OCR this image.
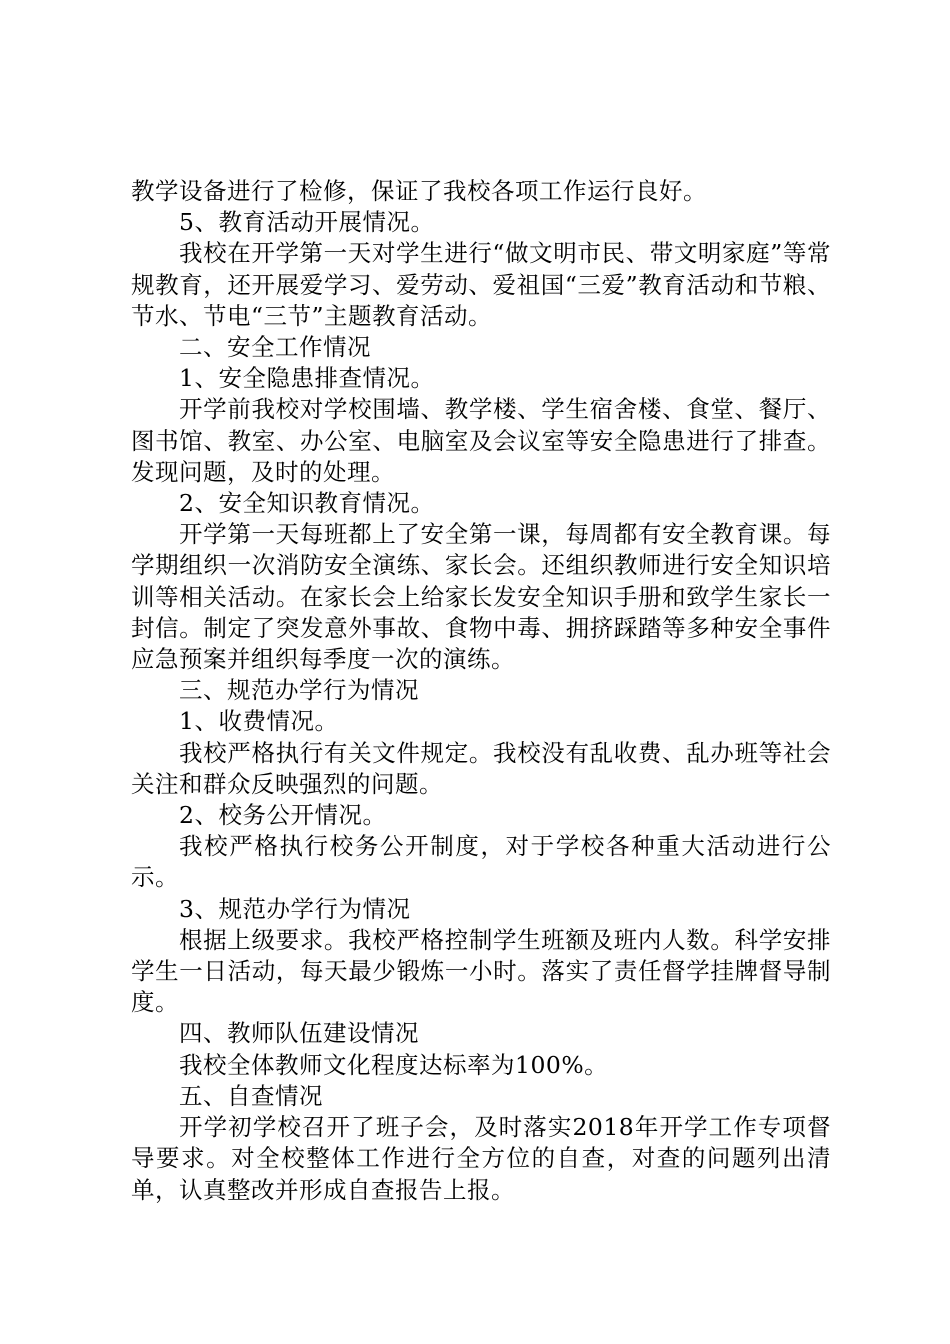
教学设备进行了检修，保证了我校各项工作运行良好。

5、教育活动开展情况。

我校在开学第一天对学生进行“做文明市民、带文明家庭”等常规教育，还开展爱学习、爱劳动、爱祖国“三爱”教育活动和节粮、节水、节电“三节”主题教育活动。

二、安全工作情况

1、安全隐患排查情况。

开学前我校对学校围墙、教学楼、学生宿舍楼、食堂、餐厅、图书馆、教室、办公室、电脑室及会议室等安全隐患进行了排查。发现问题，及时的处理。

2、安全知识教育情况。

开学第一天每班都上了安全第一课，每周都有安全教育课。每学期组织一次消防安全演练、家长会。还组织教师进行安全知识培训等相关活动。在家长会上给家长发安全知识手册和致学生家长一封信。制定了突发意外事故、食物中毒、拥挤踩踏等多种安全事件应急预案并组织每季度一次的演练。

三、规范办学行为情况

1、收费情况。

我校严格执行有关文件规定。我校没有乱收费、乱办班等社会关注和群众反映强烈的问题。

2、校务公开情况。

我校严格执行校务公开制度，对于学校各种重大活动进行公示。

3、规范办学行为情况

根据上级要求。我校严格控制学生班额及班内人数。科学安排学生一日活动，每天最少锻炼一小时。落实了责任督学挂牌督导制度。

四、教师队伍建设情况

我校全体教师文化程度达标率为100%。

五、自查情况

开学初学校召开了班子会，及时落实2018年开学工作专项督导要求。对全校整体工作进行全方位的自查，对查的问题列出清单，认真整改并形成自查报告上报。
